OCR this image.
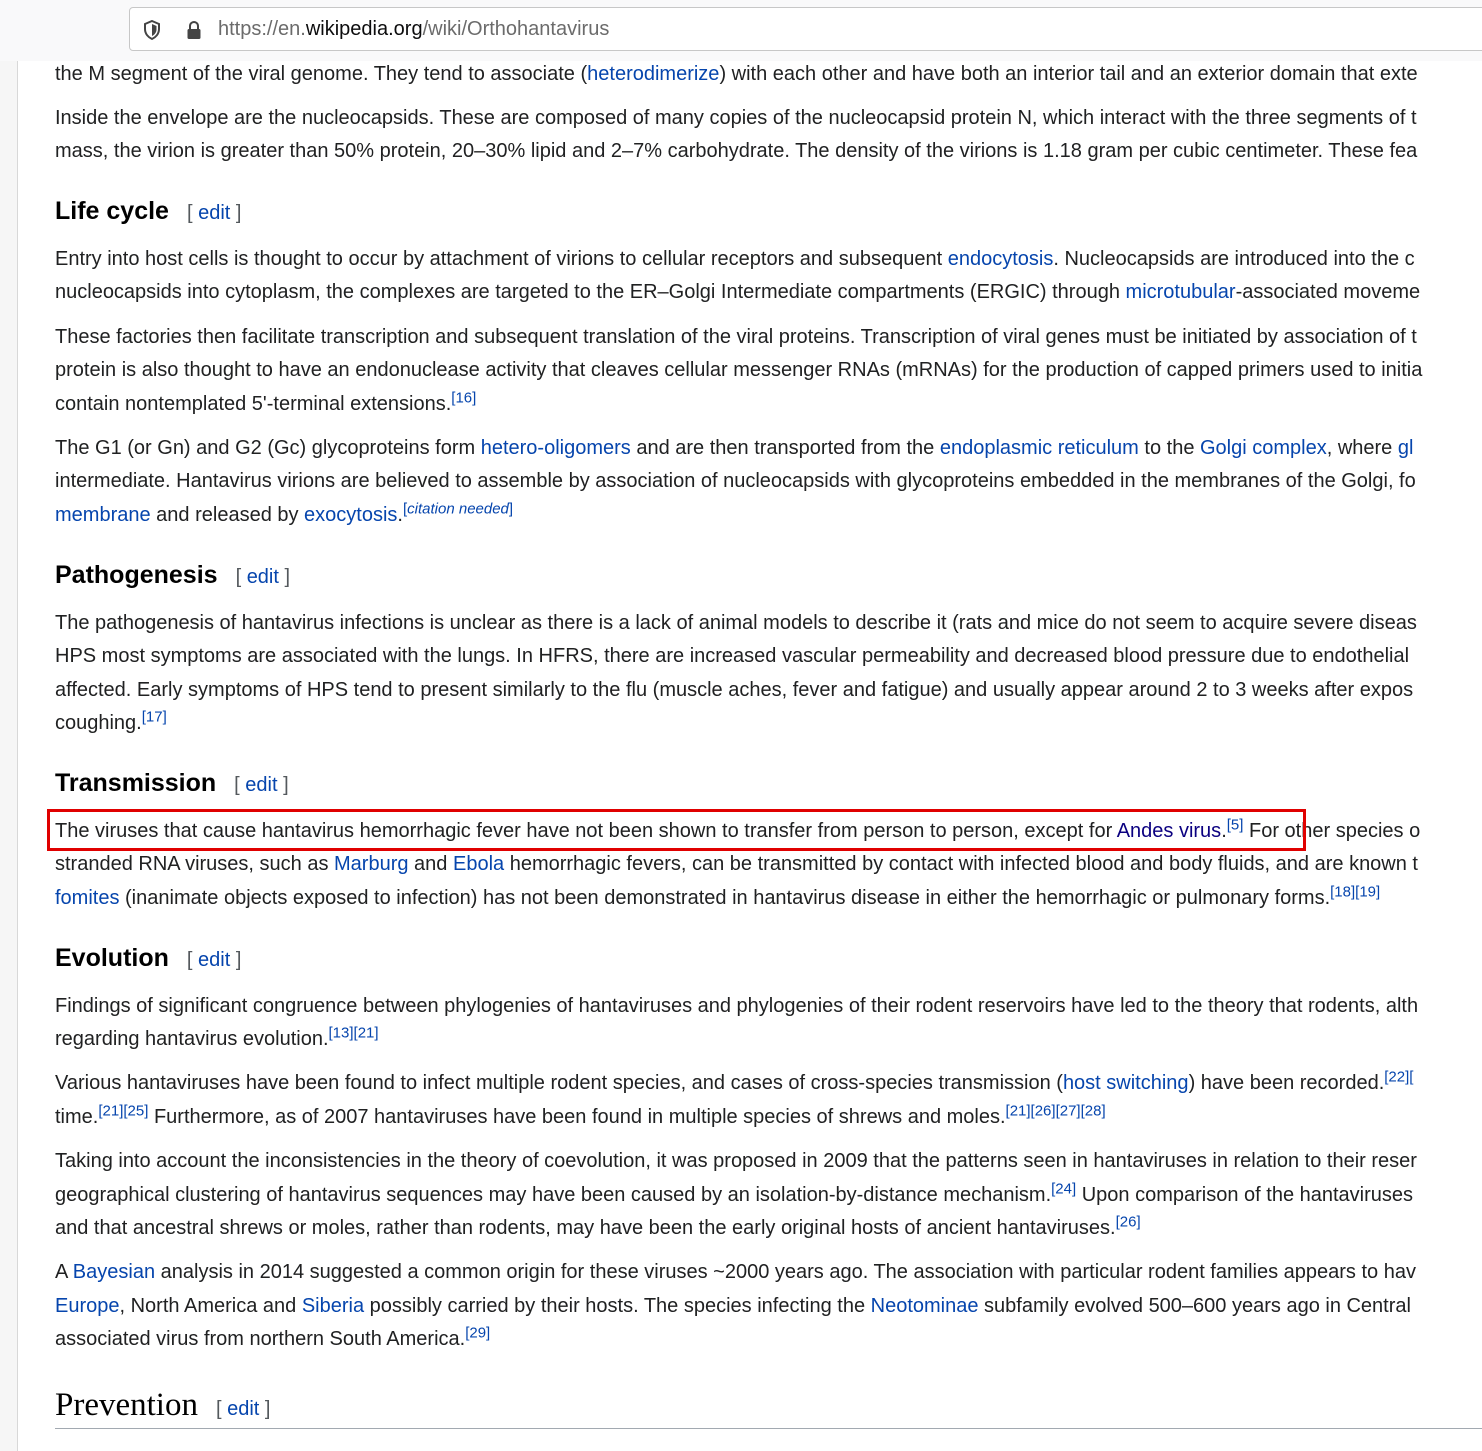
https://en.wikipedia.org/wiki/Orthohantavirus
the M segment of the viral genome. They tend to associate (heterodimerize) with each other and have both an interior tail and an exterior domain that exte
Inside the envelope are the nucleocapsids. These are composed of many copies of the nucleocapsid protein N, which interact with the three segments of t
mass, the virion is greater than 50% protein, 20–30% lipid and 2–7% carbohydrate. The density of the virions is 1.18 gram per cubic centimeter. These fea
Life cycle [ edit ]
Entry into host cells is thought to occur by attachment of virions to cellular receptors and subsequent endocytosis. Nucleocapsids are introduced into the c
nucleocapsids into cytoplasm, the complexes are targeted to the ER–Golgi Intermediate compartments (ERGIC) through microtubular-associated moveme
These factories then facilitate transcription and subsequent translation of the viral proteins. Transcription of viral genes must be initiated by association of t
protein is also thought to have an endonuclease activity that cleaves cellular messenger RNAs (mRNAs) for the production of capped primers used to initia
contain nontemplated 5'-terminal extensions.[16]
The G1 (or Gn) and G2 (Gc) glycoproteins form hetero-oligomers and are then transported from the endoplasmic reticulum to the Golgi complex, where gl
intermediate. Hantavirus virions are believed to assemble by association of nucleocapsids with glycoproteins embedded in the membranes of the Golgi, fo
membrane and released by exocytosis.[citation needed]
Pathogenesis [ edit ]
The pathogenesis of hantavirus infections is unclear as there is a lack of animal models to describe it (rats and mice do not seem to acquire severe diseas
HPS most symptoms are associated with the lungs. In HFRS, there are increased vascular permeability and decreased blood pressure due to endothelial
affected. Early symptoms of HPS tend to present similarly to the flu (muscle aches, fever and fatigue) and usually appear around 2 to 3 weeks after expos
coughing.[17]
Transmission [ edit ]
The viruses that cause hantavirus hemorrhagic fever have not been shown to transfer from person to person, except for Andes virus.[5] For other species o
stranded RNA viruses, such as Marburg and Ebola hemorrhagic fevers, can be transmitted by contact with infected blood and body fluids, and are known t
fomites (inanimate objects exposed to infection) has not been demonstrated in hantavirus disease in either the hemorrhagic or pulmonary forms.[18][19]
Evolution [ edit ]
Findings of significant congruence between phylogenies of hantaviruses and phylogenies of their rodent reservoirs have led to the theory that rodents, alth
regarding hantavirus evolution.[13][21]
Various hantaviruses have been found to infect multiple rodent species, and cases of cross-species transmission (host switching) have been recorded.$^{[22][}$
time.[21][25] Furthermore, as of 2007 hantaviruses have been found in multiple species of shrews and moles.[21][26][27][28]
Taking into account the inconsistencies in the theory of coevolution, it was proposed in 2009 that the patterns seen in hantaviruses in relation to their reser
geographical clustering of hantavirus sequences may have been caused by an isolation-by-distance mechanism.[24] Upon comparison of the hantaviruses
and that ancestral shrews or moles, rather than rodents, may have been the early original hosts of ancient hantaviruses.[26]
A Bayesian analysis in 2014 suggested a common origin for these viruses ~2000 years ago. The association with particular rodent families appears to hav
Europe, North America and Siberia possibly carried by their hosts. The species infecting the Neotominae subfamily evolved 500–600 years ago in Central
associated virus from northern South America.[29]
Prevention [ edit ]
